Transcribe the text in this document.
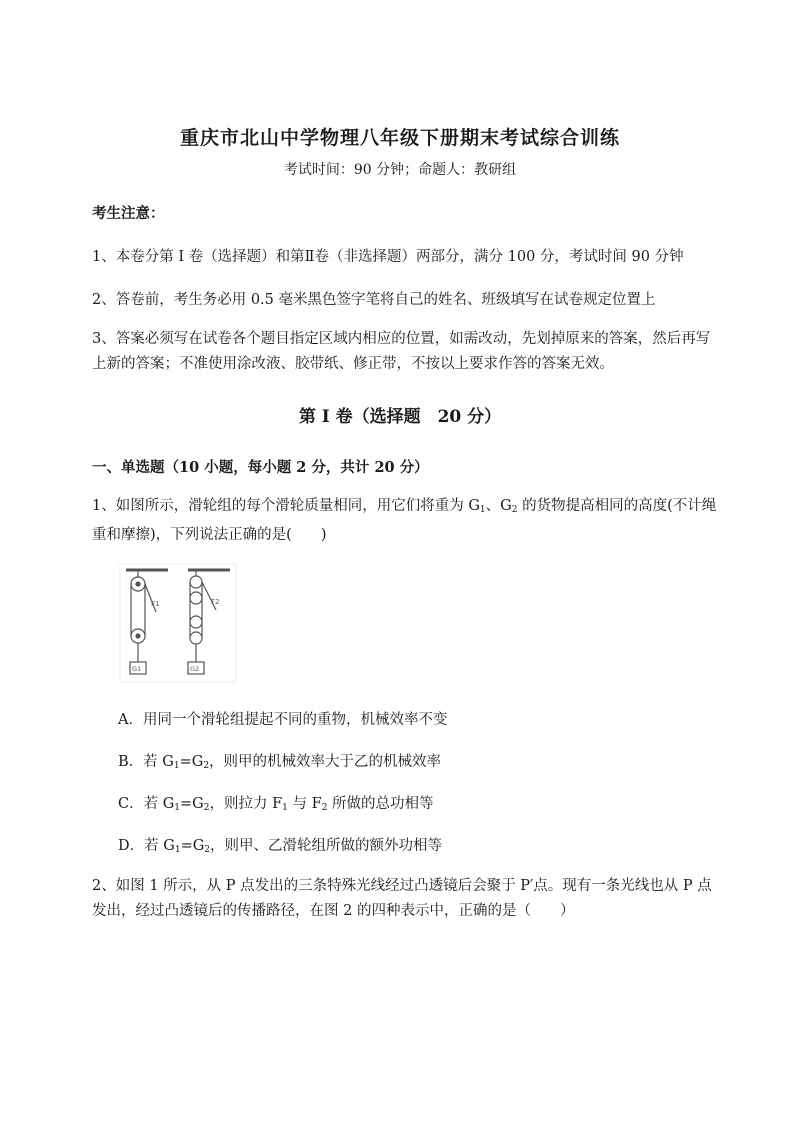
重庆市北山中学物理八年级下册期末考试综合训练
考试时间：90 分钟；命题人：教研组
考生注意：
1、本卷分第 I 卷（选择题）和第Ⅱ卷（非选择题）两部分，满分 100 分，考试时间 90 分钟
2、答卷前，考生务必用 0.5 毫米黑色签字笔将自己的姓名、班级填写在试卷规定位置上
3、答案必须写在试卷各个题目指定区域内相应的位置，如需改动，先划掉原来的答案，然后再写上新的答案；不准使用涂改液、胶带纸、修正带，不按以上要求作答的答案无效。
第 I 卷（选择题　20 分）
一、单选题（10 小题，每小题 2 分，共计 20 分）
1、如图所示，滑轮组的每个滑轮质量相同，用它们将重为 $G_1$、$G_2$ 的货物提高相同的高度(不计绳重和摩擦)，下列说法正确的是(　　)
F1	F2
G1	G2
A．用同一个滑轮组提起不同的重物，机械效率不变
B．若 $G_1=G_2$，则甲的机械效率大于乙的机械效率
C．若 $G_1=G_2$，则拉力 $F_1$ 与 $F_2$ 所做的总功相等
D．若 $G_1=G_2$，则甲、乙滑轮组所做的额外功相等
2、如图 1 所示，从 P 点发出的三条特殊光线经过凸透镜后会聚于 P′点。现有一条光线也从 P 点发出，经过凸透镜后的传播路径，在图 2 的四种表示中，正确的是（　　）
